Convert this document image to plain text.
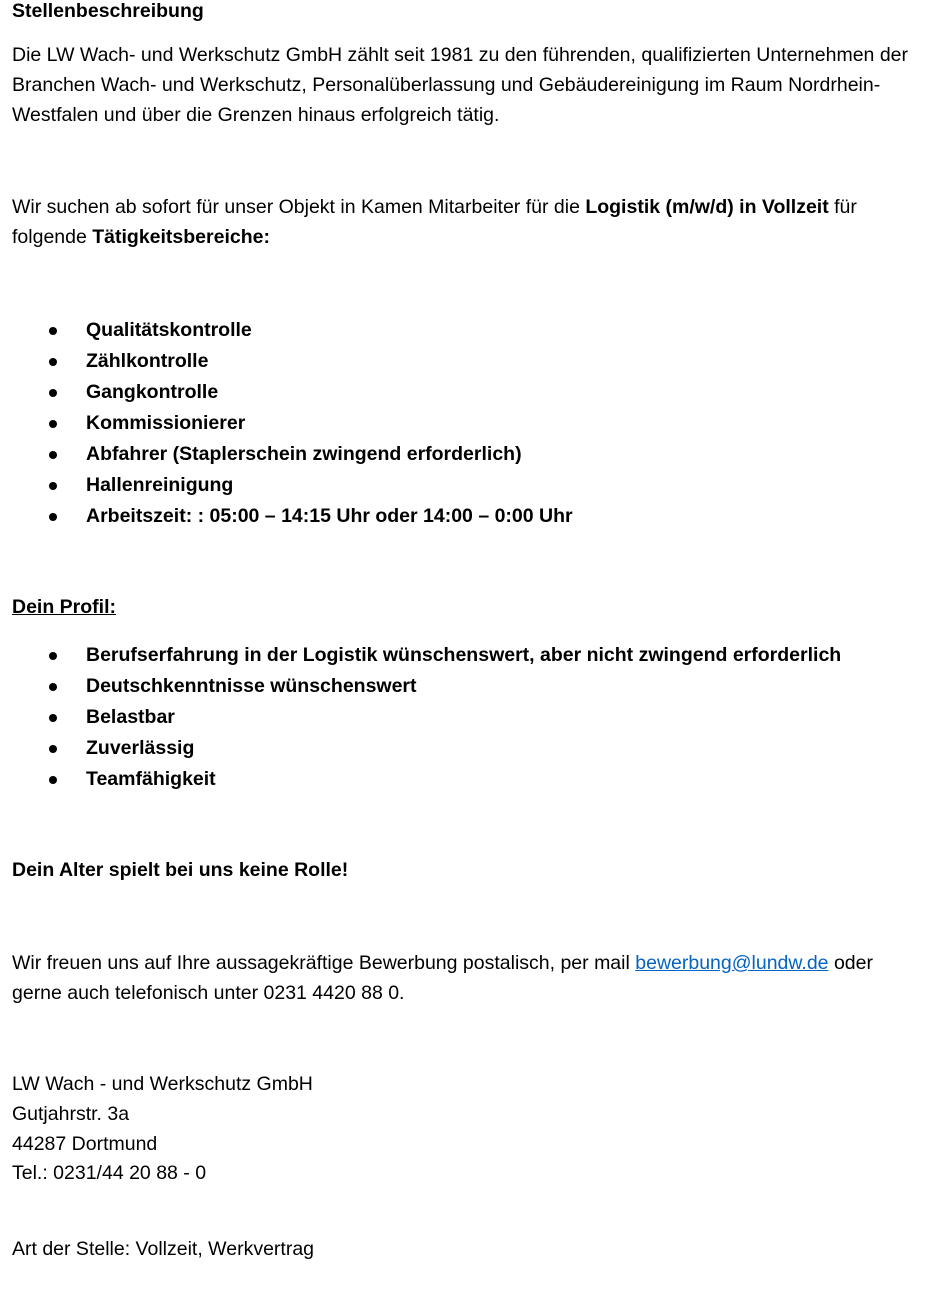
Stellenbeschreibung
Die LW Wach- und Werkschutz GmbH zählt seit 1981 zu den führenden, qualifizierten Unternehmen der Branchen Wach- und Werkschutz, Personalüberlassung und Gebäudereinigung im Raum Nordrhein-Westfalen und über die Grenzen hinaus erfolgreich tätig.
Wir suchen ab sofort für unser Objekt in Kamen Mitarbeiter für die Logistik (m/w/d) in Vollzeit für folgende Tätigkeitsbereiche:
Qualitätskontrolle
Zählkontrolle
Gangkontrolle
Kommissionierer
Abfahrer (Staplerschein zwingend erforderlich)
Hallenreinigung
Arbeitszeit: : 05:00 – 14:15 Uhr oder 14:00 – 0:00 Uhr
Dein Profil:
Berufserfahrung in der Logistik wünschenswert, aber nicht zwingend erforderlich
Deutschkenntnisse wünschenswert
Belastbar
Zuverlässig
Teamfähigkeit
Dein Alter spielt bei uns keine Rolle!
Wir freuen uns auf Ihre aussagekräftige Bewerbung postalisch, per mail bewerbung@lundw.de oder gerne auch telefonisch unter 0231 4420 88 0.
LW Wach - und Werkschutz GmbH
Gutjahrstr. 3a
44287 Dortmund
Tel.: 0231/44 20 88 - 0
Art der Stelle: Vollzeit, Werkvertrag
